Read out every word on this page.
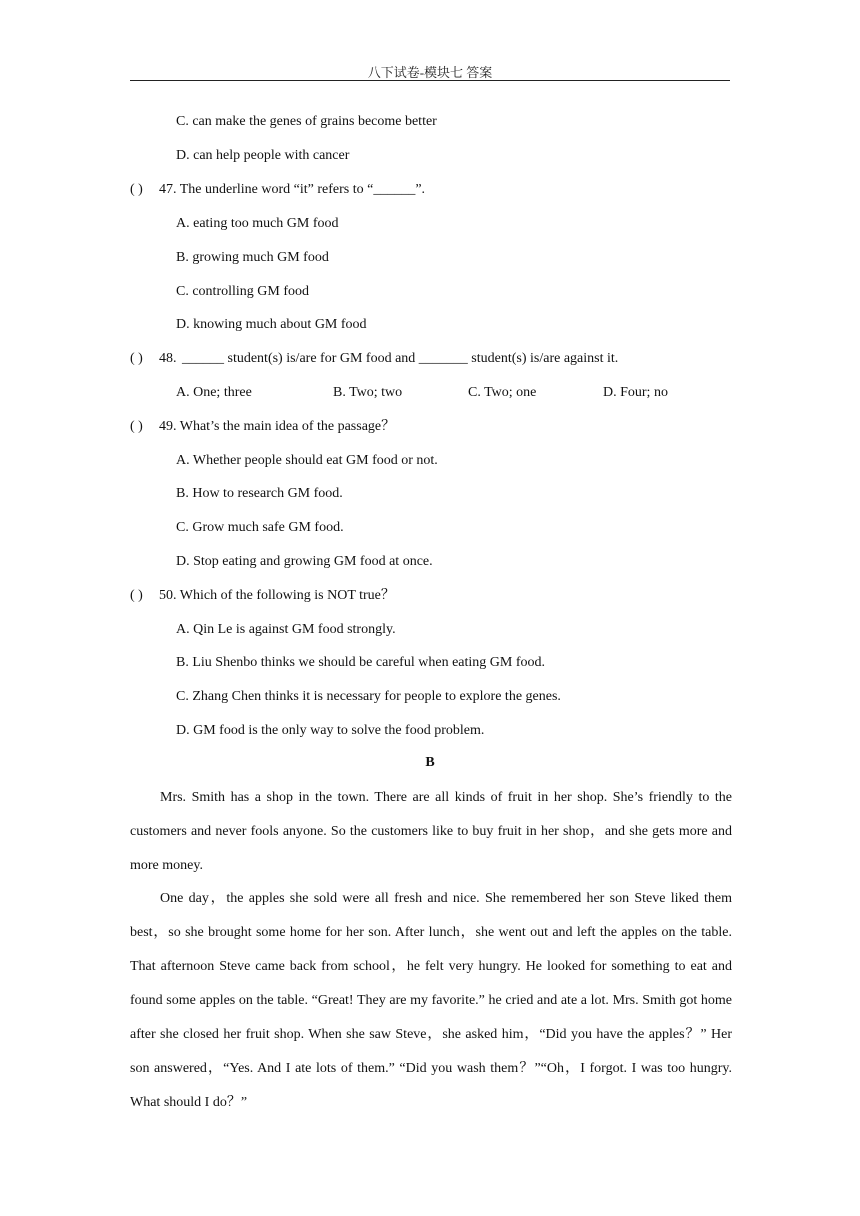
八下试卷-模块七 答案
C. can make the genes of grains become better
D. can help people with cancer
( ) 47. The underline word “it” refers to “______”.
A. eating too much GM food
B. growing much GM food
C. controlling GM food
D. knowing much about GM food
( ) 48. ______ student(s) is/are for GM food and _______ student(s) is/are against it.
A. One; three	B. Two; two	C. Two; one	D. Four; no
( ) 49. What’s the main idea of the passage？
A. Whether people should eat GM food or not.
B. How to research GM food.
C. Grow much safe GM food.
D. Stop eating and growing GM food at once.
( ) 50. Which of the following is NOT true？
A. Qin Le is against GM food strongly.
B. Liu Shenbo thinks we should be careful when eating GM food.
C. Zhang Chen thinks it is necessary for people to explore the genes.
D. GM food is the only way to solve the food problem.
B
Mrs. Smith has a shop in the town. There are all kinds of fruit in her shop. She’s friendly to the customers and never fools anyone. So the customers like to buy fruit in her shop，and she gets more and more money.
One day，the apples she sold were all fresh and nice. She remembered her son Steve liked them best，so she brought some home for her son. After lunch，she went out and left the apples on the table. That afternoon Steve came back from school，he felt very hungry. He looked for something to eat and found some apples on the table. “Great! They are my favorite.” he cried and ate a lot. Mrs. Smith got home after she closed her fruit shop. When she saw Steve，she asked him，“Did you have the apples？” Her son answered，“Yes. And I ate lots of them.” “Did you wash them？”“Oh，I forgot. I was too hungry. What should I do？”
